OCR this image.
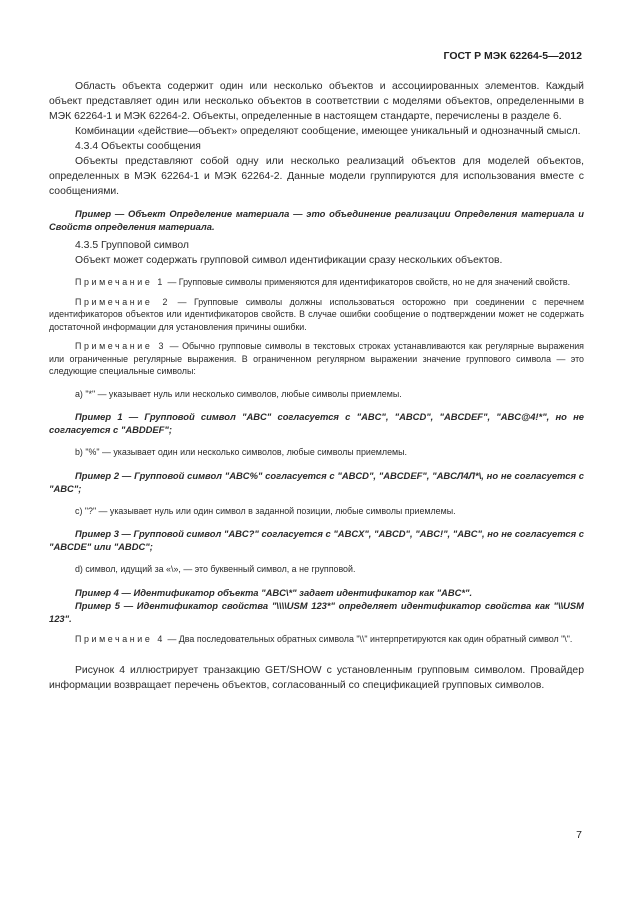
ГОСТ Р МЭК 62264-5—2012

Область объекта содержит один или несколько объектов и ассоциированных элементов. Каждый объект представляет один или несколько объектов в соответствии с моделями объектов, определенными в МЭК 62264-1 и МЭК 62264-2. Объекты, определенные в настоящем стандарте, перечислены в разделе 6.

Комбинации «действие—объект» определяют сообщение, имеющее уникальный и однозначный смысл.

4.3.4 Объекты сообщения

Объекты представляют собой одну или несколько реализаций объектов для моделей объектов, определенных в МЭК 62264-1 и МЭК 62264-2. Данные модели группируются для использования вместе с сообщениями.

Пример — Объект Определение материала — это объединение реализации Определения материала и Свойств определения материала.

4.3.5 Групповой символ

Объект может содержать групповой символ идентификации сразу нескольких объектов.

Примечание 1 — Групповые символы применяются для идентификаторов свойств, но не для значений свойств.

Примечание 2 — Групповые символы должны использоваться осторожно при соединении с перечнем идентификаторов объектов или идентификаторов свойств. В случае ошибки сообщение о подтверждении может не содержать достаточной информации для установления причины ошибки.

Примечание 3 — Обычно групповые символы в текстовых строках устанавливаются как регулярные выражения или ограниченные регулярные выражения. В ограниченном регулярном выражении значение группового символа — это следующие специальные символы:

a) "*" — указывает нуль или несколько символов, любые символы приемлемы.

Пример 1 — Групповой символ "ABC" согласуется с "ABC", "ABCD", "ABCDEF", "ABC@4!*", но не согласуется с "ABDDEF";

b) "%" — указывает один или несколько символов, любые символы приемлемы.

Пример 2 — Групповой символ "ABC%" согласуется с "ABCD", "ABCDEF", "ABCЛ4Л*\, но не согласуется с "ABC";

c) "?" — указывает нуль или один символ в заданной позиции, любые символы приемлемы.

Пример 3 — Групповой символ "ABC?" согласуется с "ABCX", "ABCD", "ABC!", "ABC", но не согласуется с "ABCDE" или "ABDC";

d) символ, идущий за «\», — это буквенный символ, а не групповой.

Пример 4 — Идентификатор объекта "ABC\*" задает идентификатор как "ABC*".

Пример 5 — Идентификатор свойства "\\\\USM 123*" определяет идентификатор свойства как "\\USM 123".

Примечание 4 — Два последовательных обратных символа "\\" интерпретируются как один обратный символ "\".

Рисунок 4 иллюстрирует транзакцию GET/SHOW с установленным групповым символом. Провайдер информации возвращает перечень объектов, согласованный со спецификацией групповых символов.

7
